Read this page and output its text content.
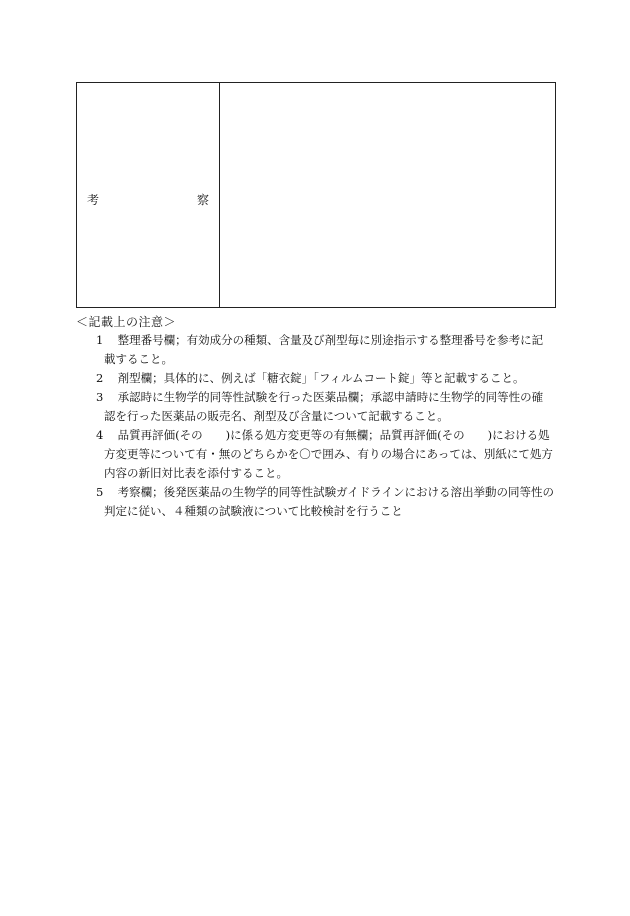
考	察
＜記載上の注意＞
1 整理番号欄；有効成分の種類、含量及び剤型毎に別途指示する整理番号を参考に記載すること。
2 剤型欄；具体的に、例えば「糖衣錠」「フィルムコート錠」等と記載すること。
3 承認時に生物学的同等性試験を行った医薬品欄；承認申請時に生物学的同等性の確認を行った医薬品の販売名、剤型及び含量について記載すること。
4 品質再評価(その　　)に係る処方変更等の有無欄；品質再評価(その　　)における処方変更等について有・無のどちらかを〇で囲み、有りの場合にあっては、別紙にて処方内容の新旧対比表を添付すること。
5 考察欄；後発医薬品の生物学的同等性試験ガイドラインにおける溶出挙動の同等性の判定に従い、４種類の試験液について比較検討を行うこと
